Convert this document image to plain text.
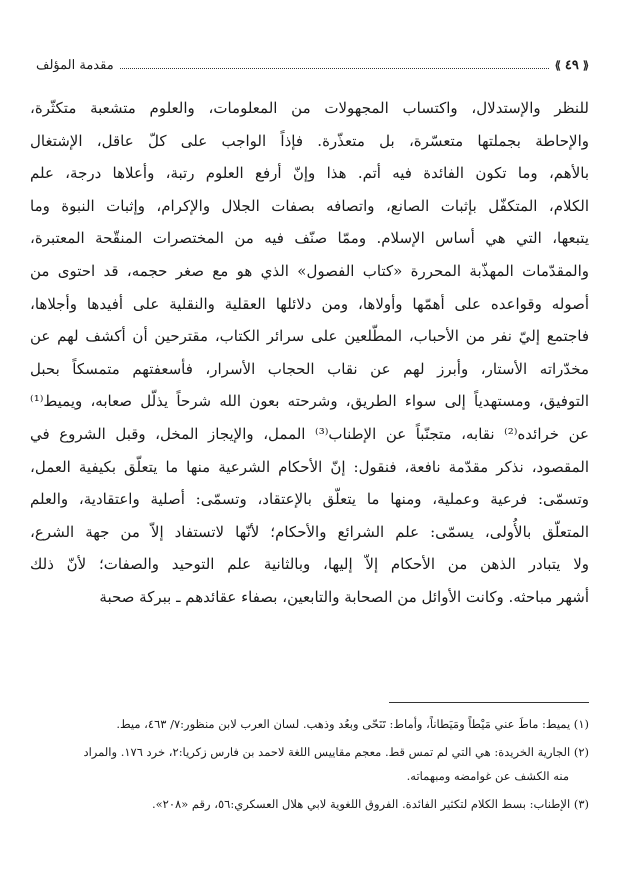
مقدمة المؤلف	⟪
٤٩
⟫
للنظر والإستدلال، واكتساب المجهولات من المعلومات، والعلوم متشعبة متكثّرة،
والإحاطة بجملتها متعسّرة، بل متعذّرة. فإذاً الواجب على كلّ عاقل، الإشتغال
بالأهم، وما تكون الفائدة فيه أتم. هذا وإنّ أرفع العلوم رتبة، وأعلاها درجة، علم
الكلام، المتكفّل بإثبات الصانع، واتصافه بصفات الجلال والإكرام، وإثبات النبوة وما
يتبعها، التي هي أساس الإسلام. وممّا صنّف فيه من المختصرات المنقّحة المعتبرة،
والمقدّمات المهذّبة المحررة «كتاب الفصول» الذي هو مع صغر حجمه، قد احتوى من
أصوله وقواعده على أهمّها وأولاها، ومن دلائلها العقلية والنقلية على أفيدها وأجلاها،
فاجتمع إليّ نفر من الأحباب، المطّلعين على سرائر الكتاب، مقترحين أن أكشف لهم عن
مخدّراته الأستار، وأبرز لهم عن نقاب الحجاب الأسرار، فأسعفتهم متمسكاً بحبل
التوفيق، ومستهدياً إلى سواء الطريق، وشرحته بعون الله شرحاً يذلّل صعابه، ويميط⁽¹⁾
عن خرائده⁽²⁾ نقابه، متجنّباً عن الإطناب⁽³⁾ الممل، والإيجاز المخل، وقبل الشروع في
المقصود، نذكر مقدّمة نافعة، فنقول: إنّ الأحكام الشرعية منها ما يتعلّق بكيفية العمل،
وتسمّى: فرعية وعملية، ومنها ما يتعلّق بالإعتقاد، وتسمّى: أصلية واعتقادية، والعلم
المتعلّق بالأُولى، يسمّى: علم الشرائع والأحكام؛ لأنّها لاتستفاد إلاّ من جهة الشرع،
ولا يتبادر الذهن من الأحكام إلاّ إليها، وبالثانية علم التوحيد والصفات؛ لأنّ ذلك
أشهر مباحثه. وكانت الأوائل من الصحابة والتابعين، بصفاء عقائدهم ـ ببركة صحبة
(١) يميط: ماطَ عني مَيْطاً ومَيَطاناً، وأماط: تَنَحّى وبعُد وذهب. لسان العرب لابن منظور:٧/ ٤٦٣، ميط.
(٢) الجارية الخريدة: هي التي لم تمس قط. معجم مقاييس اللغة لاحمد بن فارس زكريا:٢، خرد ١٧٦. والمراد
منه الكشف عن غوامضه ومبهماته.
(٣) الإطناب: بسط الكلام لتكثير الفائدة. الفروق اللغوية لابي هلال العسكري:٥٦، رقم «٢٠٨».
